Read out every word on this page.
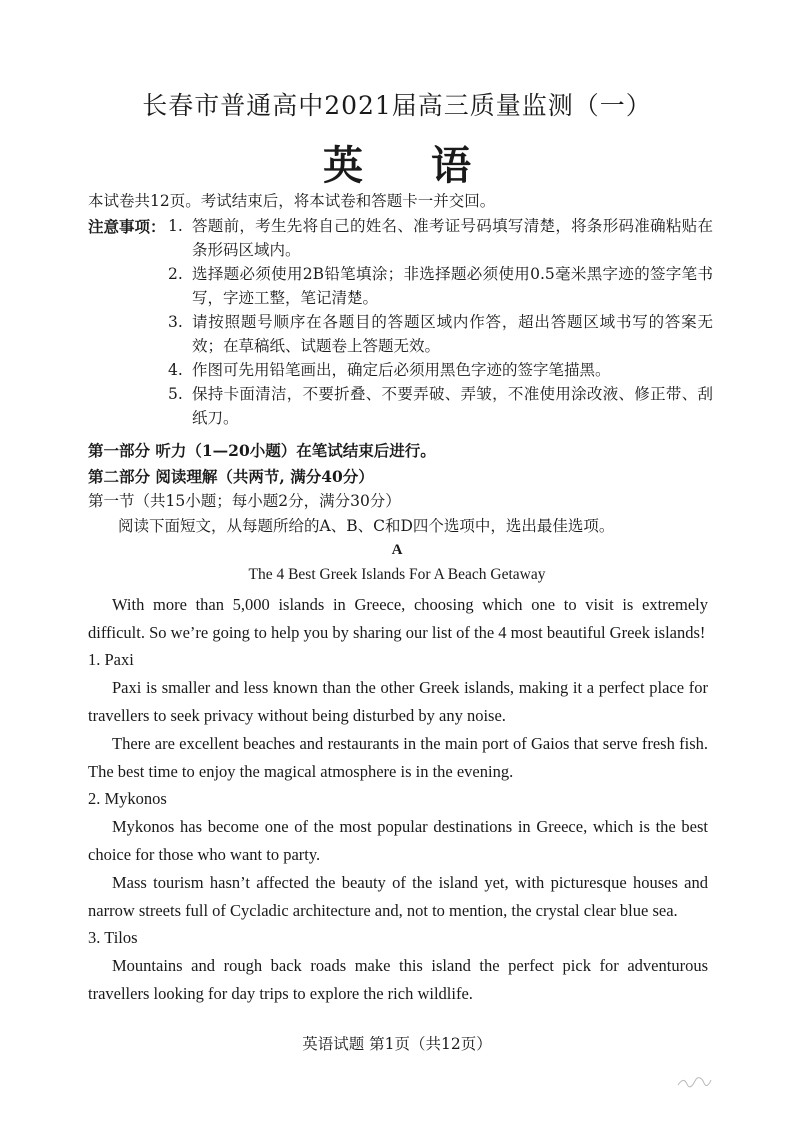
长春市普通高中2021届高三质量监测（一）
英 语
本试卷共12页。考试结束后，将本试卷和答题卡一并交回。
注意事项： 1. 答题前，考生先将自己的姓名、准考证号码填写清楚，将条形码准确粘贴在条形码区域内。
2. 选择题必须使用2B铅笔填涂；非选择题必须使用0.5毫米黑字迹的签字笔书写，字迹工整，笔记清楚。
3. 请按照题号顺序在各题目的答题区域内作答，超出答题区域书写的答案无效；在草稿纸、试题卷上答题无效。
4. 作图可先用铅笔画出，确定后必须用黑色字迹的签字笔描黑。
5. 保持卡面清洁，不要折叠、不要弄破、弄皱，不准使用涂改液、修正带、刮纸刀。
第一部分 听力（1—20小题）在笔试结束后进行。
第二部分 阅读理解（共两节, 满分40分）
第一节（共15小题；每小题2分，满分30分）
阅读下面短文，从每题所给的A、B、C和D四个选项中，选出最佳选项。
A
The 4 Best Greek Islands For A Beach Getaway
With more than 5,000 islands in Greece, choosing which one to visit is extremely difficult. So we’re going to help you by sharing our list of the 4 most beautiful Greek islands!
1. Paxi
Paxi is smaller and less known than the other Greek islands, making it a perfect place for travellers to seek privacy without being disturbed by any noise.
There are excellent beaches and restaurants in the main port of Gaios that serve fresh fish. The best time to enjoy the magical atmosphere is in the evening.
2. Mykonos
Mykonos has become one of the most popular destinations in Greece, which is the best choice for those who want to party.
Mass tourism hasn’t affected the beauty of the island yet, with picturesque houses and narrow streets full of Cycladic architecture and, not to mention, the crystal clear blue sea.
3. Tilos
Mountains and rough back roads make this island the perfect pick for adventurous travellers looking for day trips to explore the rich wildlife.
英语试题 第1页（共12页）
